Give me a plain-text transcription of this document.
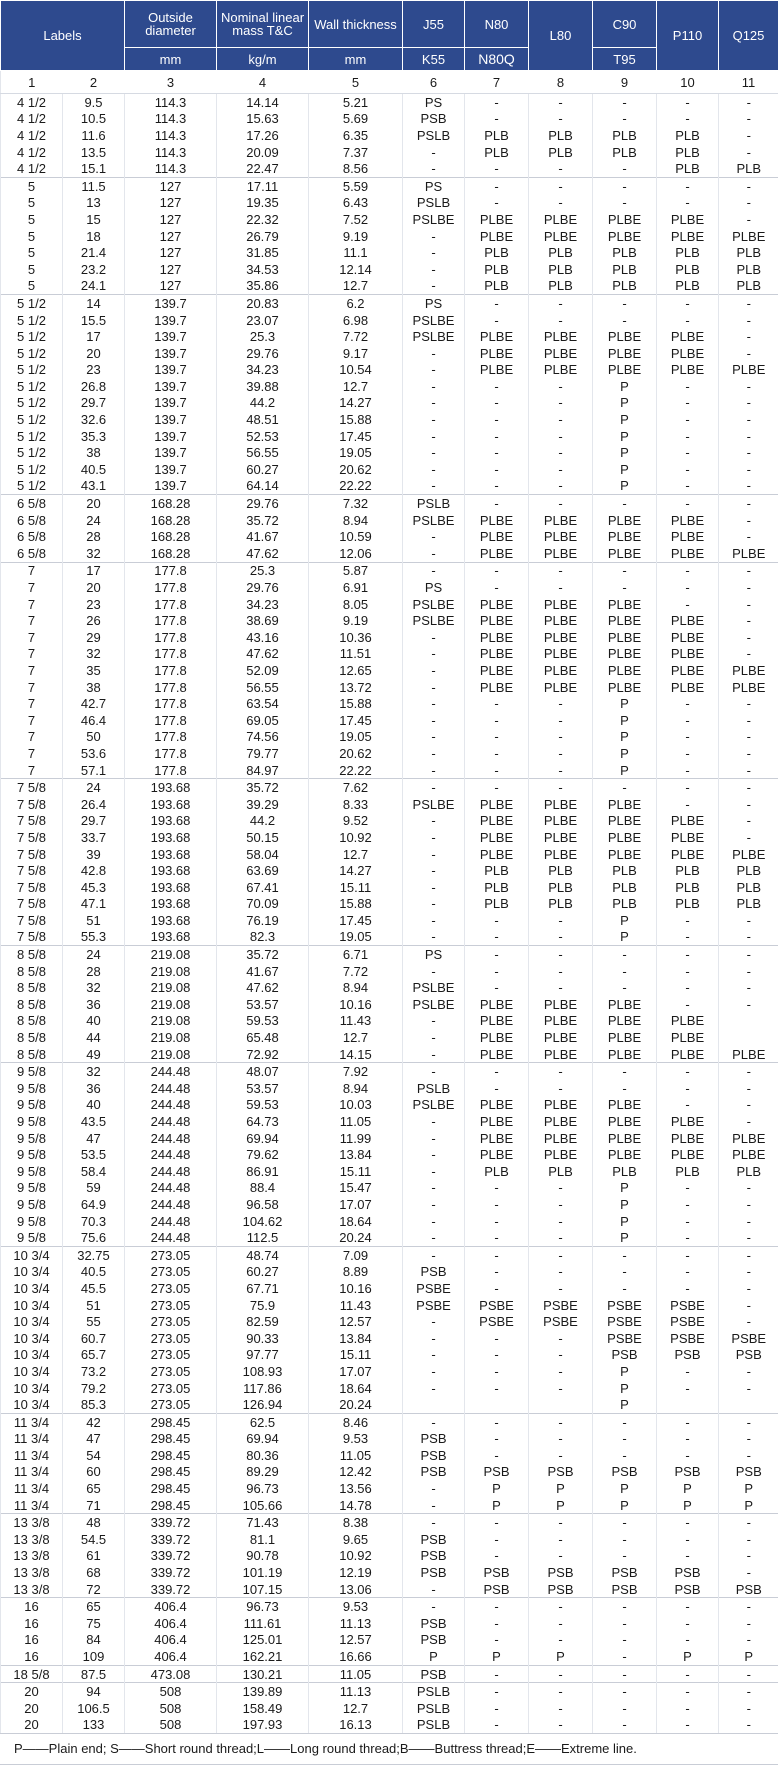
Labels		Outside diameter	Nominal linear mass T&C	Wall thickness	J55	N80	L80	C90	P110	Q125
		mm	kg/m	mm	K55	N80Q		T95		
1	2	3	4	5	6	7	8	9	10	11
4 1/2	9.5	114.3	14.14	5.21	PS	-	-	-	-	-
4 1/2	10.5	114.3	15.63	5.69	PSB	-	-	-	-	-
4 1/2	11.6	114.3	17.26	6.35	PSLB	PLB	PLB	PLB	PLB	-
4 1/2	13.5	114.3	20.09	7.37	-	PLB	PLB	PLB	PLB	-
4 1/2	15.1	114.3	22.47	8.56	-	-	-	-	PLB	PLB
5	11.5	127	17.11	5.59	PS	-	-	-	-	-
5	13	127	19.35	6.43	PSLB	-	-	-	-	-
5	15	127	22.32	7.52	PSLBE	PLBE	PLBE	PLBE	PLBE	-
5	18	127	26.79	9.19	-	PLBE	PLBE	PLBE	PLBE	PLBE
5	21.4	127	31.85	11.1	-	PLB	PLB	PLB	PLB	PLB
5	23.2	127	34.53	12.14	-	PLB	PLB	PLB	PLB	PLB
5	24.1	127	35.86	12.7	-	PLB	PLB	PLB	PLB	PLB
5 1/2	14	139.7	20.83	6.2	PS	-	-	-	-	-
5 1/2	15.5	139.7	23.07	6.98	PSLBE	-	-	-	-	-
5 1/2	17	139.7	25.3	7.72	PSLBE	PLBE	PLBE	PLBE	PLBE	-
5 1/2	20	139.7	29.76	9.17	-	PLBE	PLBE	PLBE	PLBE	-
5 1/2	23	139.7	34.23	10.54	-	PLBE	PLBE	PLBE	PLBE	PLBE
5 1/2	26.8	139.7	39.88	12.7	-	-	-	P	-	-
5 1/2	29.7	139.7	44.2	14.27	-	-	-	P	-	-
5 1/2	32.6	139.7	48.51	15.88	-	-	-	P	-	-
5 1/2	35.3	139.7	52.53	17.45	-	-	-	P	-	-
5 1/2	38	139.7	56.55	19.05	-	-	-	P	-	-
5 1/2	40.5	139.7	60.27	20.62	-	-	-	P	-	-
5 1/2	43.1	139.7	64.14	22.22	-	-	-	P	-	-
6 5/8	20	168.28	29.76	7.32	PSLB	-	-	-	-	-
6 5/8	24	168.28	35.72	8.94	PSLBE	PLBE	PLBE	PLBE	PLBE	-
6 5/8	28	168.28	41.67	10.59	-	PLBE	PLBE	PLBE	PLBE	-
6 5/8	32	168.28	47.62	12.06	-	PLBE	PLBE	PLBE	PLBE	PLBE
7	17	177.8	25.3	5.87	-	-	-	-	-	-
7	20	177.8	29.76	6.91	PS	-	-	-	-	-
7	23	177.8	34.23	8.05	PSLBE	PLBE	PLBE	PLBE	-	-
7	26	177.8	38.69	9.19	PSLBE	PLBE	PLBE	PLBE	PLBE	-
7	29	177.8	43.16	10.36	-	PLBE	PLBE	PLBE	PLBE	-
7	32	177.8	47.62	11.51	-	PLBE	PLBE	PLBE	PLBE	-
7	35	177.8	52.09	12.65	-	PLBE	PLBE	PLBE	PLBE	PLBE
7	38	177.8	56.55	13.72	-	PLBE	PLBE	PLBE	PLBE	PLBE
7	42.7	177.8	63.54	15.88	-	-	-	P	-	-
7	46.4	177.8	69.05	17.45	-	-	-	P	-	-
7	50	177.8	74.56	19.05	-	-	-	P	-	-
7	53.6	177.8	79.77	20.62	-	-	-	P	-	-
7	57.1	177.8	84.97	22.22	-	-	-	P	-	-
7 5/8	24	193.68	35.72	7.62	-	-	-	-	-	-
7 5/8	26.4	193.68	39.29	8.33	PSLBE	PLBE	PLBE	PLBE	-	-
7 5/8	29.7	193.68	44.2	9.52	-	PLBE	PLBE	PLBE	PLBE	-
7 5/8	33.7	193.68	50.15	10.92	-	PLBE	PLBE	PLBE	PLBE	-
7 5/8	39	193.68	58.04	12.7	-	PLBE	PLBE	PLBE	PLBE	PLBE
7 5/8	42.8	193.68	63.69	14.27	-	PLB	PLB	PLB	PLB	PLB
7 5/8	45.3	193.68	67.41	15.11	-	PLB	PLB	PLB	PLB	PLB
7 5/8	47.1	193.68	70.09	15.88	-	PLB	PLB	PLB	PLB	PLB
7 5/8	51	193.68	76.19	17.45	-	-	-	P	-	-
7 5/8	55.3	193.68	82.3	19.05	-	-	-	P	-	-
8 5/8	24	219.08	35.72	6.71	PS	-	-	-	-	-
8 5/8	28	219.08	41.67	7.72	-	-	-	-	-	-
8 5/8	32	219.08	47.62	8.94	PSLBE	-	-	-	-	-
8 5/8	36	219.08	53.57	10.16	PSLBE	PLBE	PLBE	PLBE	-	-
8 5/8	40	219.08	59.53	11.43	-	PLBE	PLBE	PLBE	PLBE	
8 5/8	44	219.08	65.48	12.7	-	PLBE	PLBE	PLBE	PLBE	
8 5/8	49	219.08	72.92	14.15	-	PLBE	PLBE	PLBE	PLBE	PLBE
9 5/8	32	244.48	48.07	7.92	-	-	-	-	-	-
9 5/8	36	244.48	53.57	8.94	PSLB	-	-	-	-	-
9 5/8	40	244.48	59.53	10.03	PSLBE	PLBE	PLBE	PLBE	-	-
9 5/8	43.5	244.48	64.73	11.05	-	PLBE	PLBE	PLBE	PLBE	-
9 5/8	47	244.48	69.94	11.99	-	PLBE	PLBE	PLBE	PLBE	PLBE
9 5/8	53.5	244.48	79.62	13.84	-	PLBE	PLBE	PLBE	PLBE	PLBE
9 5/8	58.4	244.48	86.91	15.11	-	PLB	PLB	PLB	PLB	PLB
9 5/8	59	244.48	88.4	15.47	-	-	-	P	-	-
9 5/8	64.9	244.48	96.58	17.07	-	-	-	P	-	-
9 5/8	70.3	244.48	104.62	18.64	-	-	-	P	-	-
9 5/8	75.6	244.48	112.5	20.24	-	-	-	P	-	-
10 3/4	32.75	273.05	48.74	7.09	-	-	-	-	-	-
10 3/4	40.5	273.05	60.27	8.89	PSB	-	-	-	-	-
10 3/4	45.5	273.05	67.71	10.16	PSBE	-	-	-	-	-
10 3/4	51	273.05	75.9	11.43	PSBE	PSBE	PSBE	PSBE	PSBE	-
10 3/4	55	273.05	82.59	12.57	-	PSBE	PSBE	PSBE	PSBE	-
10 3/4	60.7	273.05	90.33	13.84	-	-	-	PSBE	PSBE	PSBE
10 3/4	65.7	273.05	97.77	15.11	-	-	-	PSB	PSB	PSB
10 3/4	73.2	273.05	108.93	17.07	-	-	-	P	-	-
10 3/4	79.2	273.05	117.86	18.64	-	-	-	P	-	-
10 3/4	85.3	273.05	126.94	20.24				P		
11 3/4	42	298.45	62.5	8.46	-	-	-	-	-	-
11 3/4	47	298.45	69.94	9.53	PSB	-	-	-	-	-
11 3/4	54	298.45	80.36	11.05	PSB	-	-	-	-	-
11 3/4	60	298.45	89.29	12.42	PSB	PSB	PSB	PSB	PSB	PSB
11 3/4	65	298.45	96.73	13.56	-	P	P	P	P	P
11 3/4	71	298.45	105.66	14.78	-	P	P	P	P	P
13 3/8	48	339.72	71.43	8.38	-	-	-	-	-	-
13 3/8	54.5	339.72	81.1	9.65	PSB	-	-	-	-	-
13 3/8	61	339.72	90.78	10.92	PSB	-	-	-	-	-
13 3/8	68	339.72	101.19	12.19	PSB	PSB	PSB	PSB	PSB	-
13 3/8	72	339.72	107.15	13.06	-	PSB	PSB	PSB	PSB	PSB
16	65	406.4	96.73	9.53	-	-	-	-	-	-
16	75	406.4	111.61	11.13	PSB	-	-	-	-	-
16	84	406.4	125.01	12.57	PSB	-	-	-	-	-
16	109	406.4	162.21	16.66	P	P	P	-	P	P
18 5/8	87.5	473.08	130.21	11.05	PSB	-	-	-	-	-
20	94	508	139.89	11.13	PSLB	-	-	-	-	-
20	106.5	508	158.49	12.7	PSLB	-	-	-	-	-
20	133	508	197.93	16.13	PSLB	-	-	-	-	-
P——Plain end; S——Short round thread;L——Long round thread;B——Buttress thread;E——Extreme line.
